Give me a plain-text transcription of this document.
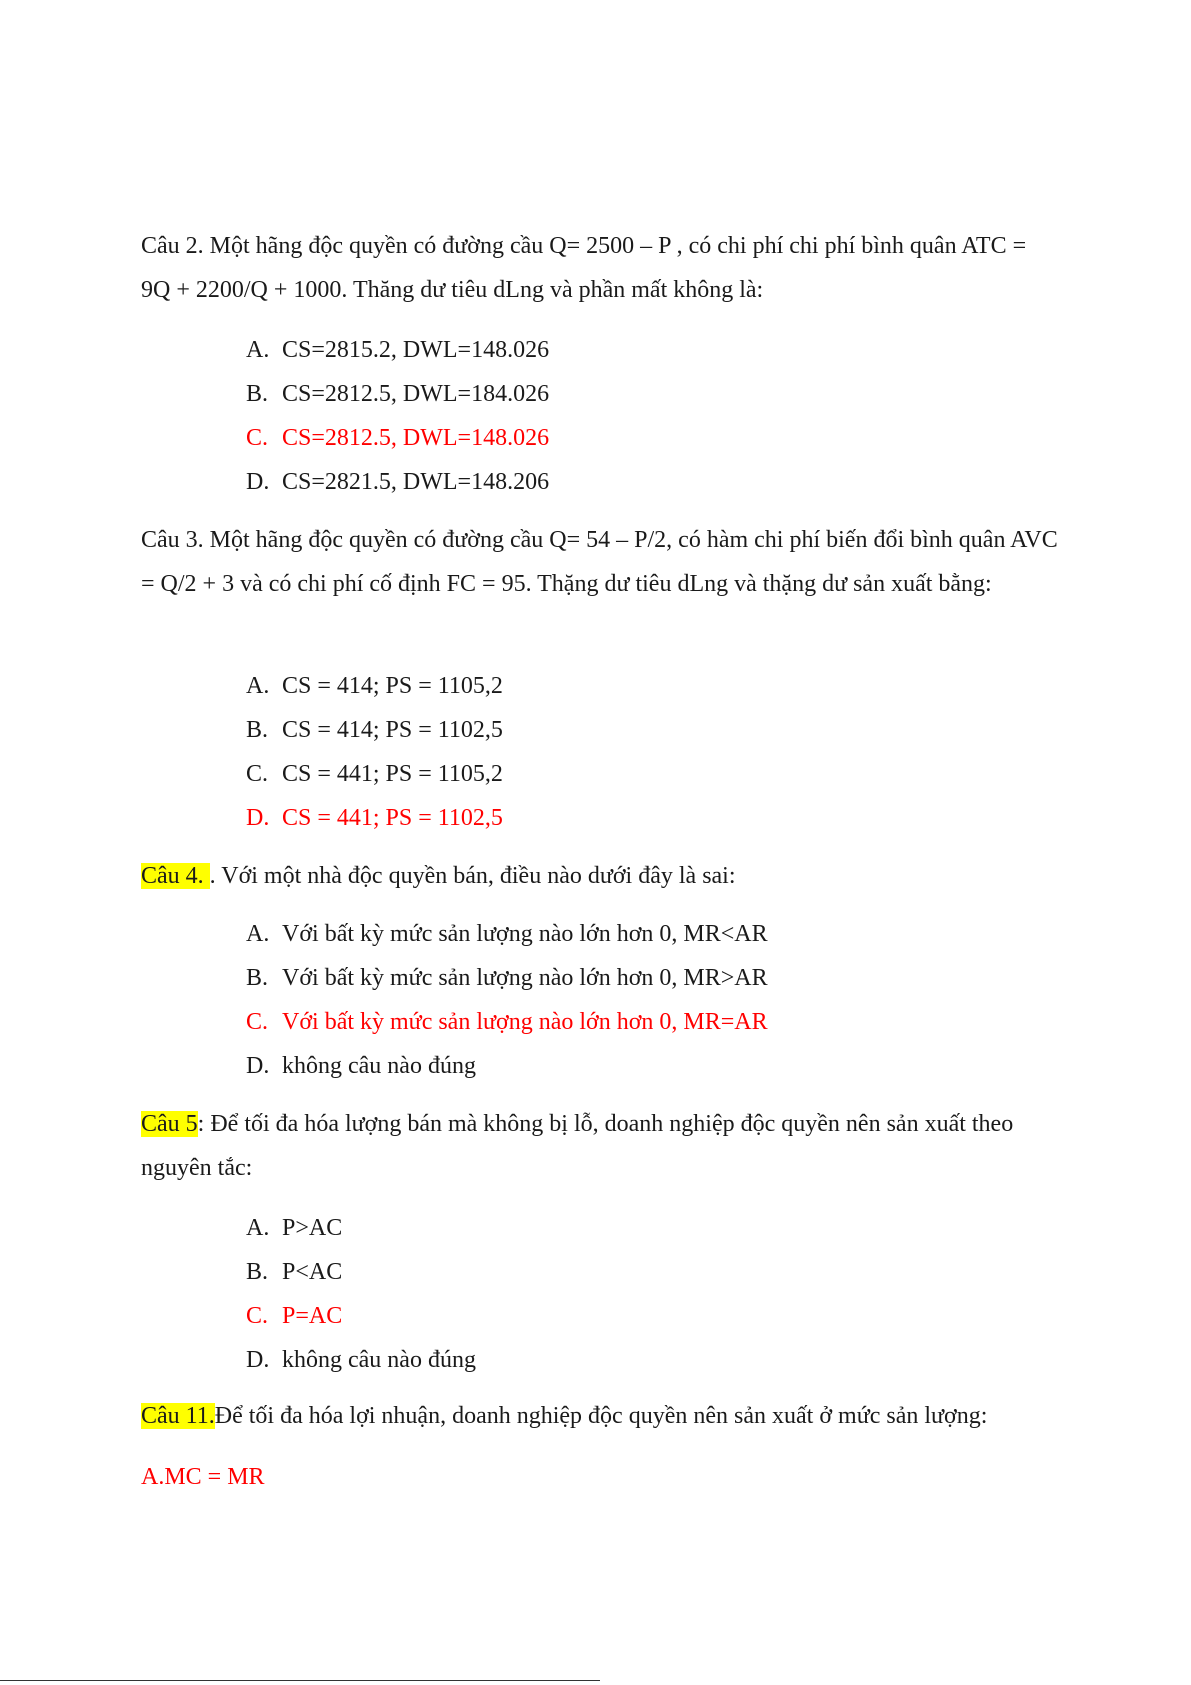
Câu 2. Một hãng độc quyền có đường cầu Q= 2500 – P , có chi phí chi phí bình quân ATC = 9Q + 2200/Q + 1000. Thăng dư tiêu dLng và phần mất không là:

A. CS=2815.2, DWL=148.026
B. CS=2812.5, DWL=184.026
C. CS=2812.5, DWL=148.026
D. CS=2821.5, DWL=148.206

Câu 3. Một hãng độc quyền có đường cầu Q= 54 – P/2, có hàm chi phí biến đổi bình quân AVC = Q/2 + 3 và có chi phí cố định FC = 95. Thặng dư tiêu dLng và thặng dư sản xuất bằng:

A. CS = 414; PS = 1105,2
B. CS = 414; PS = 1102,5
C. CS = 441; PS = 1105,2
D. CS = 441; PS = 1102,5

Câu 4. . Với một nhà độc quyền bán, điều nào dưới đây là sai:

A. Với bất kỳ mức sản lượng nào lớn hơn 0, MR<AR
B. Với bất kỳ mức sản lượng nào lớn hơn 0, MR>AR
C. Với bất kỳ mức sản lượng nào lớn hơn 0, MR=AR
D. không câu nào đúng

Câu 5: Để tối đa hóa lượng bán mà không bị lỗ, doanh nghiệp độc quyền nên sản xuất theo nguyên tắc:

A. P>AC
B. P<AC
C. P=AC
D. không câu nào đúng

Câu 11.Để tối đa hóa lợi nhuận, doanh nghiệp độc quyền nên sản xuất ở mức sản lượng:

A.MC = MR
